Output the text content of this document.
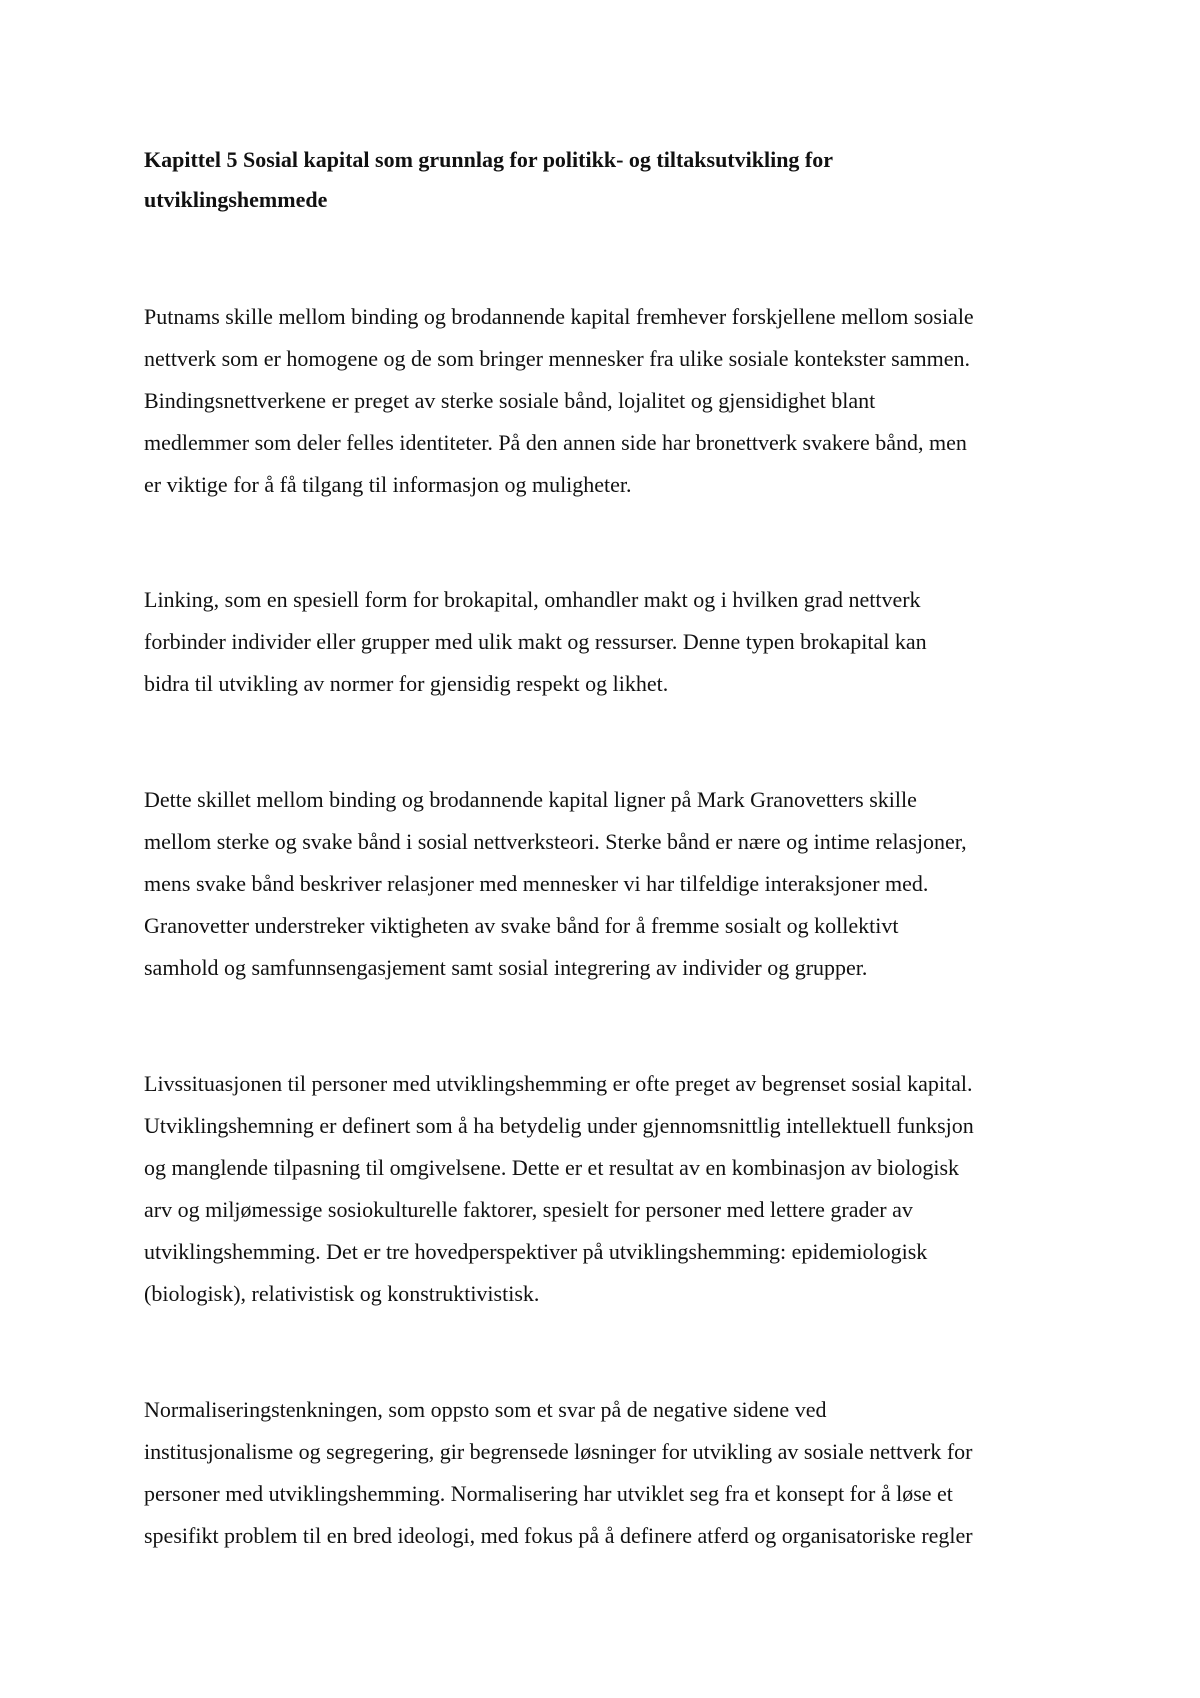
Kapittel 5 Sosial kapital som grunnlag for politikk- og tiltaksutvikling for

utviklingshemmede

Putnams skille mellom binding og brodannende kapital fremhever forskjellene mellom sosiale

nettverk som er homogene og de som bringer mennesker fra ulike sosiale kontekster sammen.

Bindingsnettverkene er preget av sterke sosiale bånd, lojalitet og gjensidighet blant

medlemmer som deler felles identiteter. På den annen side har bronettverk svakere bånd, men

er viktige for å få tilgang til informasjon og muligheter.

Linking, som en spesiell form for brokapital, omhandler makt og i hvilken grad nettverk

forbinder individer eller grupper med ulik makt og ressurser. Denne typen brokapital kan

bidra til utvikling av normer for gjensidig respekt og likhet.

Dette skillet mellom binding og brodannende kapital ligner på Mark Granovetters skille

mellom sterke og svake bånd i sosial nettverksteori. Sterke bånd er nære og intime relasjoner,

mens svake bånd beskriver relasjoner med mennesker vi har tilfeldige interaksjoner med.

Granovetter understreker viktigheten av svake bånd for å fremme sosialt og kollektivt

samhold og samfunnsengasjement samt sosial integrering av individer og grupper.

Livssituasjonen til personer med utviklingshemming er ofte preget av begrenset sosial kapital.

Utviklingshemning er definert som å ha betydelig under gjennomsnittlig intellektuell funksjon

og manglende tilpasning til omgivelsene. Dette er et resultat av en kombinasjon av biologisk

arv og miljømessige sosiokulturelle faktorer, spesielt for personer med lettere grader av

utviklingshemming. Det er tre hovedperspektiver på utviklingshemming: epidemiologisk

(biologisk), relativistisk og konstruktivistisk.

Normaliseringstenkningen, som oppsto som et svar på de negative sidene ved

institusjonalisme og segregering, gir begrensede løsninger for utvikling av sosiale nettverk for

personer med utviklingshemming. Normalisering har utviklet seg fra et konsept for å løse et

spesifikt problem til en bred ideologi, med fokus på å definere atferd og organisatoriske regler
